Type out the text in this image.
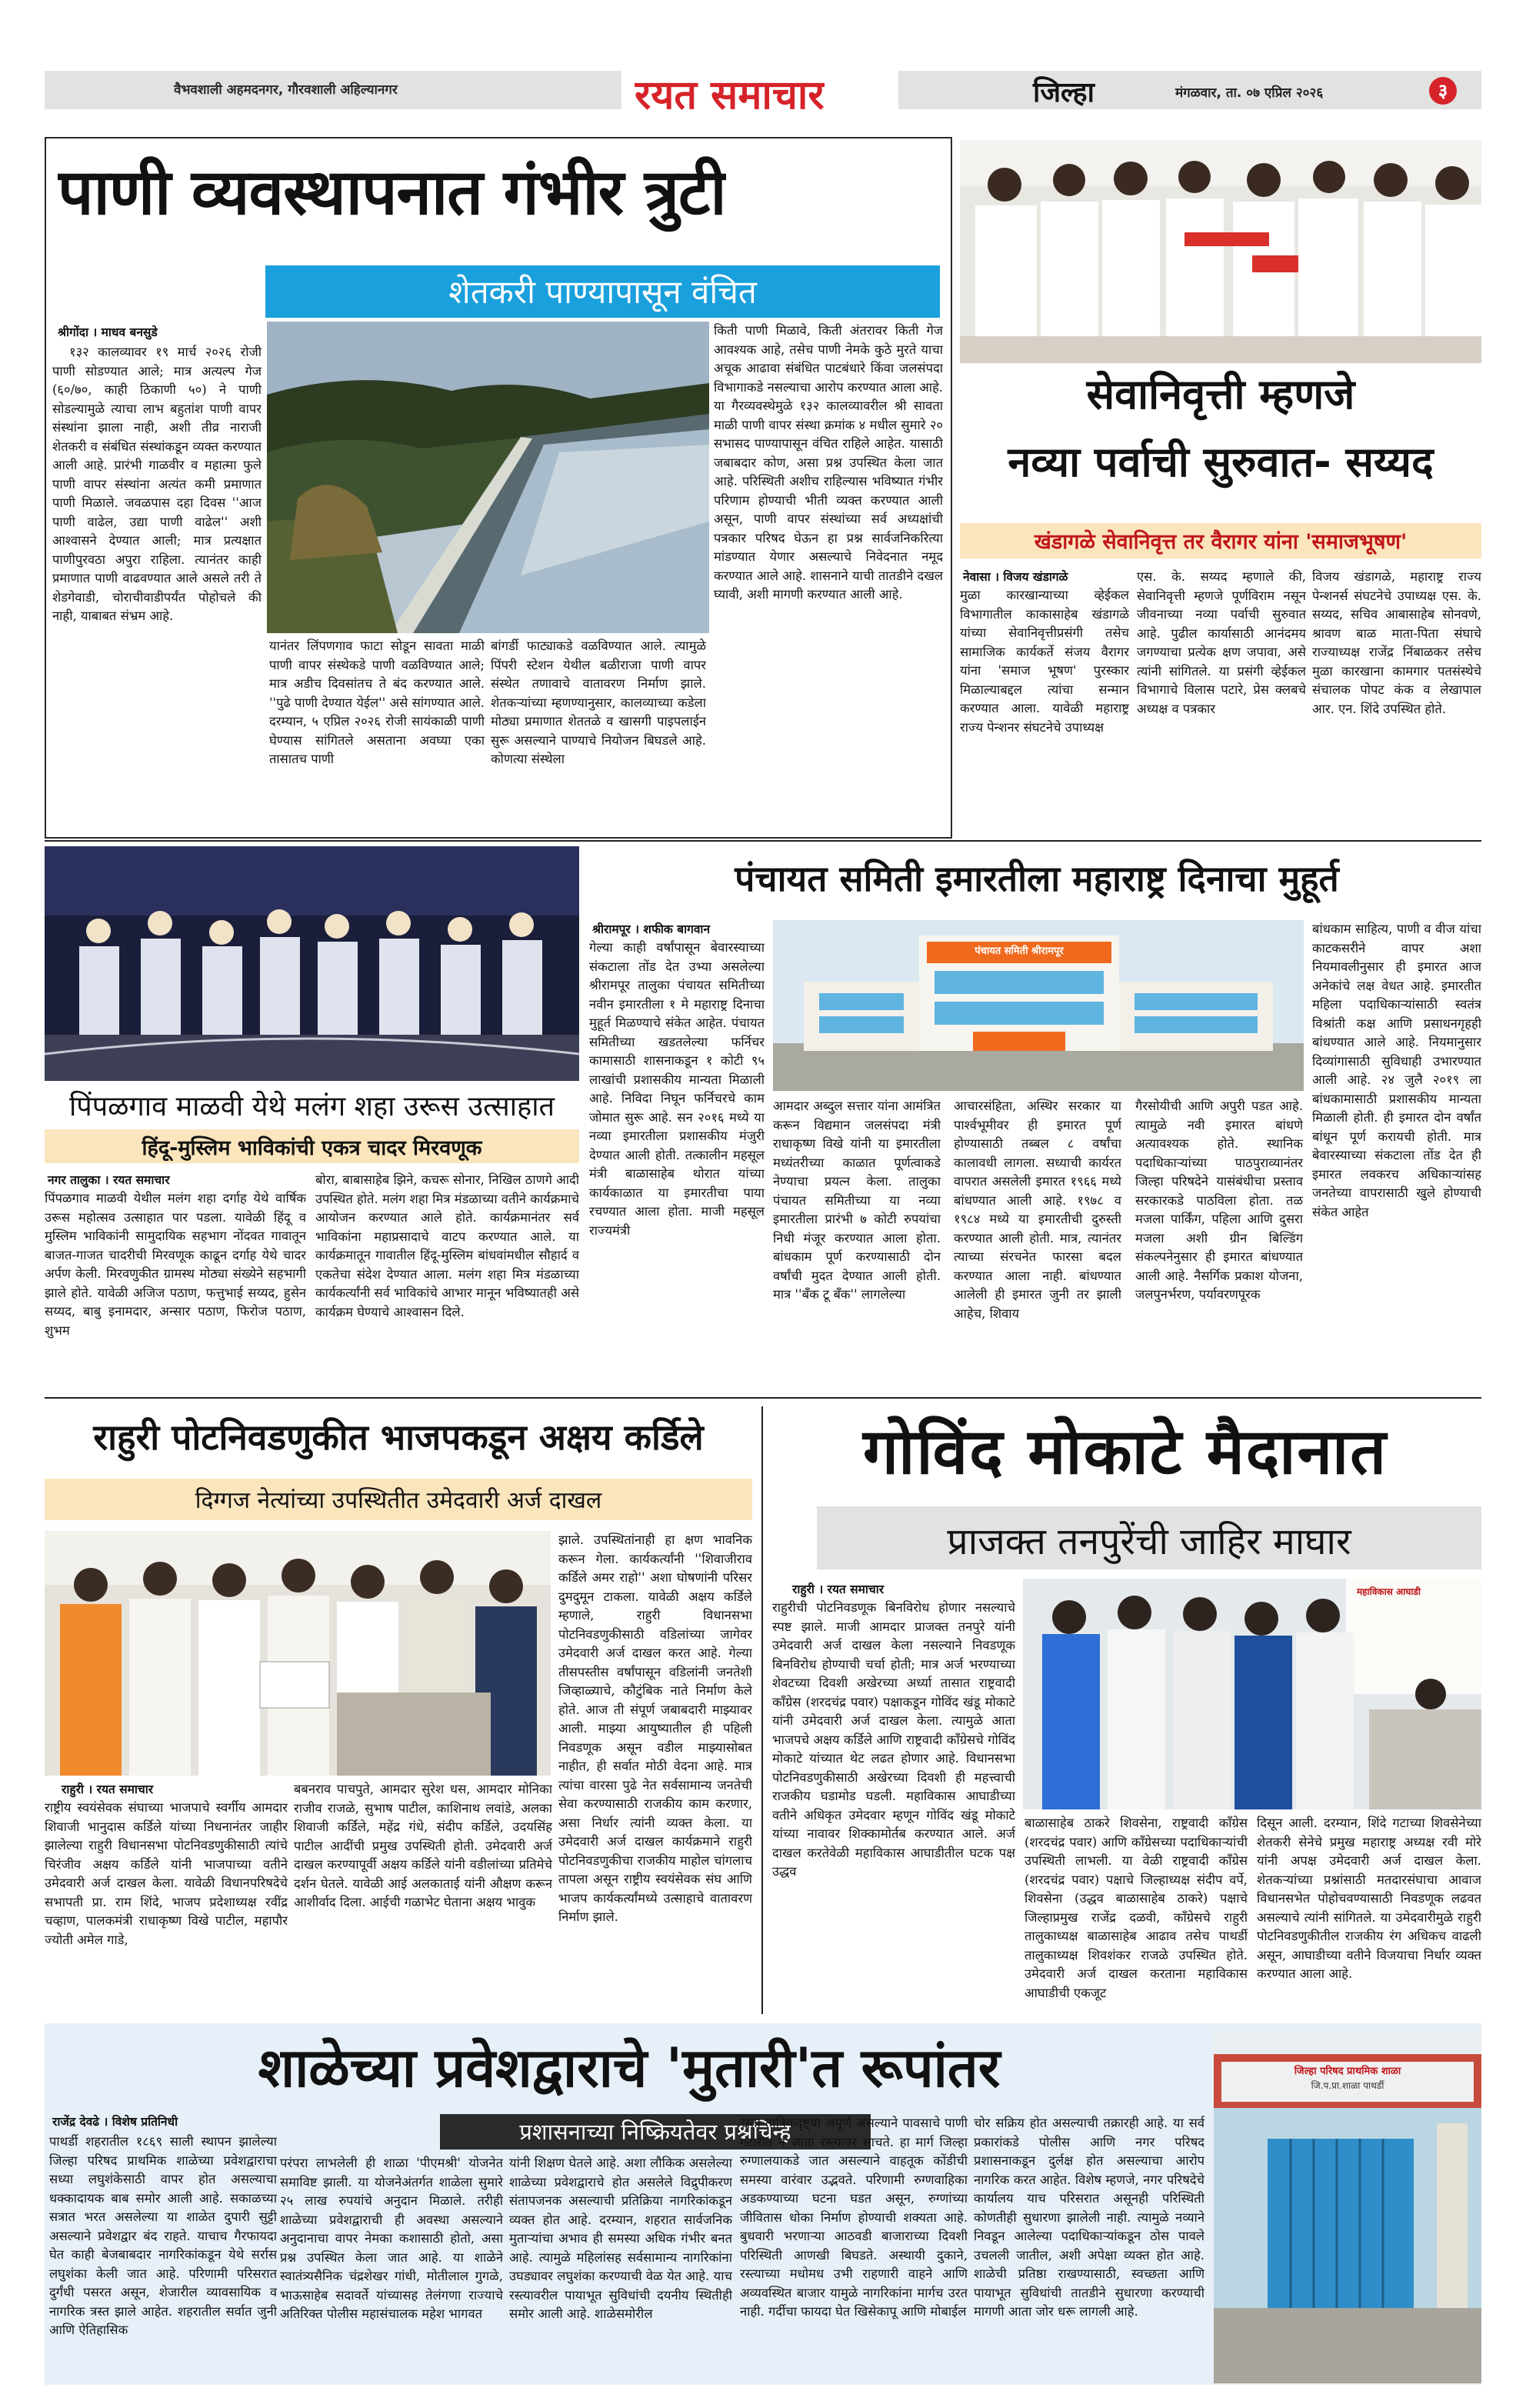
वैभवशाली अहमदनगर, गौरवशाली अहिल्यानगर	रयत समाचार	जिल्हा	मंगळवार, ता. ०७ एप्रिल २०२६	३
पाणी व्यवस्थापनात गंभीर त्रुटी
शेतकरी पाण्यापासून वंचित
श्रीगोंदा । माधव बनसुडे

१३२ कालव्यावर १९ मार्च २०२६ रोजी पाणी सोडण्यात आले; मात्र अत्यल्प गेज (६०/७०, काही ठिकाणी ५०) ने पाणी सोडल्यामुळे त्याचा लाभ बहुतांश पाणी वापर संस्थांना झाला नाही, अशी तीव्र नाराजी शेतकरी व संबंधित संस्थांकडून व्यक्त करण्यात आली आहे. प्रारंभी गाळवीर व महात्मा फुले पाणी वापर संस्थांना अत्यंत कमी प्रमाणात पाणी मिळाले. जवळपास दहा दिवस ''आज पाणी वाढेल, उद्या पाणी वाढेल'' अशी आश्वासने देण्यात आली; मात्र प्रत्यक्षात पाणीपुरवठा अपुरा राहिला. त्यानंतर काही प्रमाणात पाणी वाढवण्यात आले असले तरी ते शेडगेवाडी, चोराचीवाडीपर्यंत पोहोचले की नाही, याबाबत संभ्रम आहे.

यानंतर लिंपणगाव फाटा सोडून सावता माळी पाणी वापर संस्थेकडे पाणी वळविण्यात आले; मात्र अडीच दिवसांतच ते बंद करण्यात आले. ''पुढे पाणी देण्यात येईल'' असे सांगण्यात आले. दरम्यान, ५ एप्रिल २०२६ रोजी सायंकाळी पाणी घेण्यास सांगितले असताना अवघ्या एका तासातच पाणी

बांगर्डी फाट्याकडे वळविण्यात आले. त्यामुळे पिंपरी स्टेशन येथील बळीराजा पाणी वापर संस्थेत तणावाचे वातावरण निर्माण झाले. शेतकऱ्यांच्या म्हणण्यानुसार, कालव्याच्या कडेला मोठ्या प्रमाणात शेततळे व खासगी पाइपलाईन सुरू असल्याने पाण्याचे नियोजन बिघडले आहे. कोणत्या संस्थेला

किती पाणी मिळावे, किती अंतरावर किती गेज आवश्यक आहे, तसेच पाणी नेमके कुठे मुरते याचा अचूक आढावा संबंधित पाटबंधारे किंवा जलसंपदा विभागाकडे नसल्याचा आरोप करण्यात आला आहे. या गैरव्यवस्थेमुळे १३२ कालव्यावरील श्री सावता माळी पाणी वापर संस्था क्रमांक ४ मधील सुमारे २० सभासद पाण्यापासून वंचित राहिले आहेत. यासाठी जबाबदार कोण, असा प्रश्न उपस्थित केला जात आहे. परिस्थिती अशीच राहिल्यास भविष्यात गंभीर परिणाम होण्याची भीती व्यक्त करण्यात आली असून, पाणी वापर संस्थांच्या सर्व अध्यक्षांची पत्रकार परिषद घेऊन हा प्रश्न सार्वजनिकरित्या मांडण्यात येणार असल्याचे निवेदनात नमूद करण्यात आले आहे. शासनाने याची तातडीने दखल घ्यावी, अशी मागणी करण्यात आली आहे.

सेवानिवृत्ती म्हणजे
नव्या पर्वाची सुरुवात- सय्यद
खंडागळे सेवानिवृत्त तर वैरागर यांना 'समाजभूषण'
नेवासा । विजय खंडागळे

मुळा कारखान्याच्या व्हेईकल विभागातील काकासाहेब खंडागळे यांच्या सेवानिवृत्तीप्रसंगी तसेच सामाजिक कार्यकर्ते संजय वैरागर यांना 'समाज भूषण' पुरस्कार मिळाल्याबद्दल त्यांचा सन्मान करण्यात आला. यावेळी महाराष्ट्र राज्य पेन्शनर संघटनेचे उपाध्यक्ष

एस. के. सय्यद म्हणाले की, सेवानिवृत्ती म्हणजे पूर्णविराम नसून जीवनाच्या नव्या पर्वाची सुरुवात आहे. पुढील कार्यासाठी आनंदमय जगण्याचा प्रत्येक क्षण जपावा, असे त्यांनी सांगितले. या प्रसंगी व्हेईकल विभागाचे विलास पटारे, प्रेस क्लबचे अध्यक्ष व पत्रकार

विजय खंडागळे, महाराष्ट्र राज्य पेन्शनर्स संघटनेचे उपाध्यक्ष एस. के. सय्यद, सचिव आबासाहेब सोनवणे, श्रावण बाळ माता-पिता संघाचे राज्याध्यक्ष राजेंद्र निंबाळकर तसेच मुळा कारखाना कामगार पतसंस्थेचे संचालक पोपट कंक व लेखापाल आर. एन. शिंदे उपस्थित होते.

पिंपळगाव माळवी येथे मलंग शहा उरूस उत्साहात
हिंदू-मुस्लिम भाविकांची एकत्र चादर मिरवणूक
नगर तालुका । रयत समाचार

पिंपळगाव माळवी येथील मलंग शहा दर्गाह येथे वार्षिक उरूस महोत्सव उत्साहात पार पडला. यावेळी हिंदू व मुस्लिम भाविकांनी सामुदायिक सहभाग नोंदवत गावातून बाजत-गाजत चादरीची मिरवणूक काढून दर्गाह येथे चादर अर्पण केली. मिरवणुकीत ग्रामस्थ मोठ्या संख्येने सहभागी झाले होते. यावेळी अजिज पठाण, फत्तुभाई सय्यद, हुसेन सय्यद, बाबु इनामदार, अन्सार पठाण, फिरोज पठाण, शुभम

बोरा, बाबासाहेब झिने, कचरू सोनार, निखिल ठाणगे आदी उपस्थित होते. मलंग शहा मित्र मंडळाच्या वतीने कार्यक्रमाचे आयोजन करण्यात आले होते. कार्यक्रमानंतर सर्व भाविकांना महाप्रसादाचे वाटप करण्यात आले. या कार्यक्रमातून गावातील हिंदू-मुस्लिम बांधवांमधील सौहार्द व एकतेचा संदेश देण्यात आला. मलंग शहा मित्र मंडळाच्या कार्यकर्त्यांनी सर्व भाविकांचे आभार मानून भविष्यातही असे कार्यक्रम घेण्याचे आश्वासन दिले.

पंचायत समिती इमारतीला महाराष्ट्र दिनाचा मुहूर्त
श्रीरामपूर । शफीक बागवान

गेल्या काही वर्षांपासून बेवारस्याच्या संकटाला तोंड देत उभ्या असलेल्या श्रीरामपूर तालुका पंचायत समितीच्या नवीन इमारतीला १ मे महाराष्ट्र दिनाचा मुहूर्त मिळण्याचे संकेत आहेत. पंचायत समितीच्या खडतलेल्या फर्निचर कामासाठी शासनाकडून १ कोटी ९५ लाखांची प्रशासकीय मान्यता मिळाली आहे. निविदा निघून फर्निचरचे काम जोमात सुरू आहे. सन २०१६ मध्ये या नव्या इमारतीला प्रशासकीय मंजुरी देण्यात आली होती. तत्कालीन महसूल मंत्री बाळासाहेब थोरात यांच्या कार्यकाळात या इमारतीचा पाया रचण्यात आला होता. माजी महसूल राज्यमंत्री

पंचायत समिती श्रीरामपूर

आमदार अब्दुल सत्तार यांना आमंत्रित करून विद्यमान जलसंपदा मंत्री राधाकृष्ण विखे यांनी या इमारतीला मध्यंतरीच्या काळात पूर्णत्वाकडे नेण्याचा प्रयत्न केला. तालुका पंचायत समितीच्या या नव्या इमारतीला प्रारंभी ७ कोटी रुपयांचा निधी मंजूर करण्यात आला होता. बांधकाम पूर्ण करण्यासाठी दोन वर्षांची मुदत देण्यात आली होती. मात्र ''बँक टू बँक'' लागलेल्या

आचारसंहिता, अस्थिर सरकार या पार्श्वभूमीवर ही इमारत पूर्ण होण्यासाठी तब्बल ८ वर्षांचा कालावधी लागला. सध्याची कार्यरत वापरात असलेली इमारत १९६६ मध्ये बांधण्यात आली आहे. १९७८ व १९८४ मध्ये या इमारतीची दुरुस्ती करण्यात आली होती. मात्र, त्यानंतर त्याच्या संरचनेत फारसा बदल करण्यात आला नाही. बांधण्यात आलेली ही इमारत जुनी तर झाली आहेच, शिवाय

गैरसोयीची आणि अपुरी पडत आहे. त्यामुळे नवी इमारत बांधणे अत्यावश्यक होते. स्थानिक पदाधिकाऱ्यांच्या पाठपुराव्यानंतर जिल्हा परिषदेने यासंबंधीचा प्रस्ताव सरकारकडे पाठविला होता. तळ मजला पार्किंग, पहिला आणि दुसरा मजला अशी ग्रीन बिल्डिंग संकल्पनेनुसार ही इमारत बांधण्यात आली आहे. नैसर्गिक प्रकाश योजना, जलपुनर्भरण, पर्यावरणपूरक

बांधकाम साहित्य, पाणी व वीज यांचा काटकसरीने वापर अशा नियमावलीनुसार ही इमारत आज अनेकांचे लक्ष वेधत आहे. इमारतीत महिला पदाधिकाऱ्यांसाठी स्वतंत्र विश्रांती कक्ष आणि प्रसाधनगृहही बांधण्यात आले आहे. नियमानुसार दिव्यांगासाठी सुविधाही उभारण्यात आली आहे. २४ जुलै २०१९ ला बांधकामासाठी प्रशासकीय मान्यता मिळाली होती. ही इमारत दोन वर्षांत बांधून पूर्ण करायची होती. मात्र बेवारस्याच्या संकटाला तोंड देत ही इमारत लवकरच अधिकाऱ्यांसह जनतेच्या वापरासाठी खुले होण्याची संकेत आहेत

राहुरी पोटनिवडणुकीत भाजपकडून अक्षय कर्डिले
दिग्गज नेत्यांच्या उपस्थितीत उमेदवारी अर्ज दाखल

झाले. उपस्थितांनाही हा क्षण भावनिक करून गेला. कार्यकर्त्यांनी ''शिवाजीराव कर्डिले अमर राहो'' अशा घोषणांनी परिसर दुमदुमून टाकला. यावेळी अक्षय कर्डिले म्हणाले, राहुरी विधानसभा पोटनिवडणुकीसाठी वडिलांच्या जागेवर उमेदवारी अर्ज दाखल करत आहे. गेल्या तीसपस्तीस वर्षांपासून वडिलांनी जनतेशी जिव्हाळ्याचे, कौटुंबिक नाते निर्माण केले होते. आज ती संपूर्ण जबाबदारी माझ्यावर आली. माझ्या आयुष्यातील ही पहिली निवडणूक असून वडील माझ्यासोबत नाहीत, ही सर्वात मोठी वेदना आहे. मात्र त्यांचा वारसा पुढे नेत सर्वसामान्य जनतेची सेवा करण्यासाठी राजकीय काम करणार, असा निर्धार त्यांनी व्यक्त केला. या उमेदवारी अर्ज दाखल कार्यक्रमाने राहुरी पोटनिवडणुकीचा राजकीय माहोल चांगलाच तापला असून राष्ट्रीय स्वयंसेवक संघ आणि भाजप कार्यकर्त्यांमध्ये उत्साहाचे वातावरण निर्माण झाले.

राहुरी । रयत समाचार

राष्ट्रीय स्वयंसेवक संघाच्या भाजपाचे स्वर्गीय आमदार शिवाजी भानुदास कर्डिले यांच्या निधनानंतर जाहीर झालेल्या राहुरी विधानसभा पोटनिवडणुकीसाठी त्यांचे चिरंजीव अक्षय कर्डिले यांनी भाजपाच्या वतीने उमेदवारी अर्ज दाखल केला. यावेळी विधानपरिषदेचे सभापती प्रा. राम शिंदे, भाजप प्रदेशाध्यक्ष रवींद्र चव्हाण, पालकमंत्री राधाकृष्ण विखे पाटील, महापौर ज्योती अमेल गाडे,

बबनराव पाचपुते, आमदार सुरेश धस, आमदार मोनिका राजीव राजळे, सुभाष पाटील, काशिनाथ लवांडे, अलका शिवाजी कर्डिले, महेंद्र गंधे, संदीप कर्डिले, उदयसिंह पाटील आदींची प्रमुख उपस्थिती होती. उमेदवारी अर्ज दाखल करण्यापूर्वी अक्षय कर्डिले यांनी वडीलांच्या प्रतिमेचे दर्शन घेतले. यावेळी आई अलकाताई यांनी औक्षण करून आशीर्वाद दिला. आईची गळाभेट घेताना अक्षय भावुक

गोविंद मोकाटे मैदानात
प्राजक्त तनपुरेंची जाहिर माघार
राहुरी । रयत समाचार

राहुरीची पोटनिवडणूक बिनविरोध होणार नसल्याचे स्पष्ट झाले. माजी आमदार प्राजक्त तनपुरे यांनी उमेदवारी अर्ज दाखल केला नसल्याने निवडणूक बिनविरोध होण्याची चर्चा होती; मात्र अर्ज भरण्याच्या शेवटच्या दिवशी अखेरच्या अर्ध्या तासात राष्ट्रवादी काँग्रेस (शरदचंद्र पवार) पक्षाकडून गोविंद खंडू मोकाटे यांनी उमेदवारी अर्ज दाखल केला. त्यामुळे आता भाजपचे अक्षय कर्डिले आणि राष्ट्रवादी काँग्रेसचे गोविंद मोकाटे यांच्यात थेट लढत होणार आहे. विधानसभा पोटनिवडणुकीसाठी अखेरच्या दिवशी ही महत्त्वाची राजकीय घडामोड घडली. महाविकास आघाडीच्या वतीने अधिकृत उमेदवार म्हणून गोविंद खंडू मोकाटे यांच्या नावावर शिक्कामोर्तब करण्यात आले. अर्ज दाखल करतेवेळी महाविकास आघाडीतील घटक पक्ष उद्धव

महाविकास आघाडी

बाळासाहेब ठाकरे शिवसेना, राष्ट्रवादी काँग्रेस (शरदचंद्र पवार) आणि काँग्रेसच्या पदाधिकाऱ्यांची उपस्थिती लाभली. या वेळी राष्ट्रवादी काँग्रेस (शरदचंद्र पवार) पक्षाचे जिल्हाध्यक्ष संदीप वर्पे, शिवसेना (उद्धव बाळासाहेब ठाकरे) पक्षाचे जिल्हाप्रमुख राजेंद्र दळवी, काँग्रेसचे राहुरी तालुकाध्यक्ष बाळासाहेब आढाव तसेच पाथर्डी तालुकाध्यक्ष शिवशंकर राजळे उपस्थित होते. उमेदवारी अर्ज दाखल करताना महाविकास आघाडीची एकजूट

दिसून आली. दरम्यान, शिंदे गटाच्या शिवसेनेच्या शेतकरी सेनेचे प्रमुख महाराष्ट्र अध्यक्ष रवी मोरे यांनी अपक्ष उमेदवारी अर्ज दाखल केला. शेतकऱ्यांच्या प्रश्नांसाठी मतदारसंघाचा आवाज विधानसभेत पोहोचवण्यासाठी निवडणूक लढवत असल्याचे त्यांनी सांगितले. या उमेदवारीमुळे राहुरी पोटनिवडणुकीतील राजकीय रंग अधिकच वाढली असून, आघाडीच्या वतीने विजयाचा निर्धार व्यक्त करण्यात आला आहे.

शाळेच्या प्रवेशद्वाराचे 'मुतारी'त रूपांतर
राजेंद्र देवढे । विशेष प्रतिनिधी	प्रशासनाच्या निष्क्रियतेवर प्रश्नचिन्ह

पाथर्डी शहरातील १८६९ साली स्थापन झालेल्या जिल्हा परिषद प्राथमिक शाळेच्या प्रवेशद्वाराचा सध्या लघुशंकेसाठी वापर होत असल्याचा धक्कादायक बाब समोर आली आहे. सकाळच्या सत्रात भरत असलेल्या या शाळेत दुपारी सुट्टी असल्याने प्रवेशद्वार बंद राहते. याचाच गैरफायदा घेत काही बेजबाबदार नागरिकांकडून येथे सर्रास लघुशंका केली जात आहे. परिणामी परिसरात दुर्गंधी पसरत असून, शेजारील व्यावसायिक व नागरिक त्रस्त झाले आहेत. शहरातील सर्वात जुनी आणि ऐतिहासिक

परंपरा लाभलेली ही शाळा 'पीएमश्री' योजनेत समाविष्ट झाली. या योजनेअंतर्गत शाळेला सुमारे २५ लाख रुपयांचे अनुदान मिळाले. तरीही शाळेच्या प्रवेशद्वाराची ही अवस्था असल्याने अनुदानाचा वापर नेमका कशासाठी होतो, असा प्रश्न उपस्थित केला जात आहे. या शाळेने स्वातंत्र्यसैनिक चंद्रशेखर गांधी, मोतीलाल गुगळे, भाऊसाहेब सदावर्ते यांच्यासह तेलंगणा राज्याचे अतिरिक्त पोलीस महासंचालक महेश भागवत

यांनी शिक्षण घेतले आहे. अशा लौकिक असलेल्या शाळेच्या प्रवेशद्वाराचे होत असलेले विद्रुपीकरण संतापजनक असल्याची प्रतिक्रिया नागरिकांकडून व्यक्त होत आहे. दरम्यान, शहरात सार्वजनिक मुताऱ्यांचा अभाव ही समस्या अधिक गंभीर बनत आहे. त्यामुळे महिलांसह सर्वसामान्य नागरिकांना उघड्यावर लघुशंका करण्याची वेळ येत आहे. याच रस्त्यावरील पायाभूत सुविधांची दयनीय स्थितीही समोर आली आहे. शाळेसमोरील

रस्ता तांत्रिकदृष्ट्या अपूर्ण असल्याने पावसाचे पाणी गटारीत न जाता रस्त्यावर साचते. हा मार्ग जिल्हा रुग्णालयाकडे जात असल्याने वाहतूक कोंडीची समस्या वारंवार उद्भवते. परिणामी रुग्णवाहिका अडकण्याच्या घटना घडत असून, रुग्णांच्या जीवितास धोका निर्माण होण्याची शक्यता आहे. बुधवारी भरणाऱ्या आठवडी बाजाराच्या दिवशी परिस्थिती आणखी बिघडते. अस्थायी दुकाने, रस्त्याच्या मधोमध उभी राहणारी वाहने आणि अव्यवस्थित बाजार यामुळे नागरिकांना मार्गच उरत नाही. गर्दीचा फायदा घेत खिसेकापू आणि मोबाईल

चोर सक्रिय होत असल्याची तक्रारही आहे. या सर्व प्रकारांकडे पोलीस आणि नगर परिषद प्रशासनाकडून दुर्लक्ष होत असल्याचा आरोप नागरिक करत आहेत. विशेष म्हणजे, नगर परिषदेचे कार्यालय याच परिसरात असूनही परिस्थिती कोणतीही सुधारणा झालेली नाही. त्यामुळे नव्याने निवडून आलेल्या पदाधिकाऱ्यांकडून ठोस पावले उचलली जातील, अशी अपेक्षा व्यक्त होत आहे. शाळेची प्रतिष्ठा राखण्यासाठी, स्वच्छता आणि पायाभूत सुविधांची तातडीने सुधारणा करण्याची मागणी आता जोर धरू लागली आहे.

जिल्हा परिषद प्राथमिक शाळा
जि.प.प्रा.शाळा पाथर्डी
